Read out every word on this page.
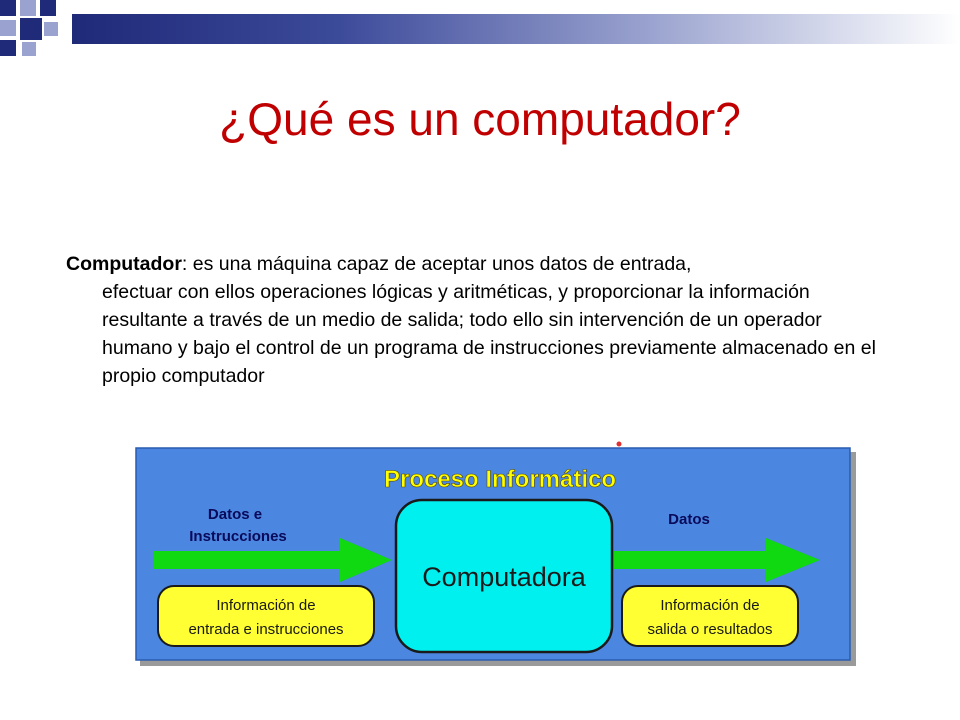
¿Qué es un computador?
Computador: es una máquina capaz de aceptar unos datos de entrada,
efectuar con ellos operaciones lógicas y aritméticas, y proporcionar la información resultante a través de un medio de salida; todo ello sin intervención de un operador humano y bajo el control de un programa de instrucciones previamente almacenado en el propio computador
Proceso Informático
Datos e
Instrucciones
Datos
Computadora
Información de
entrada e instrucciones
Información de
salida o resultados
